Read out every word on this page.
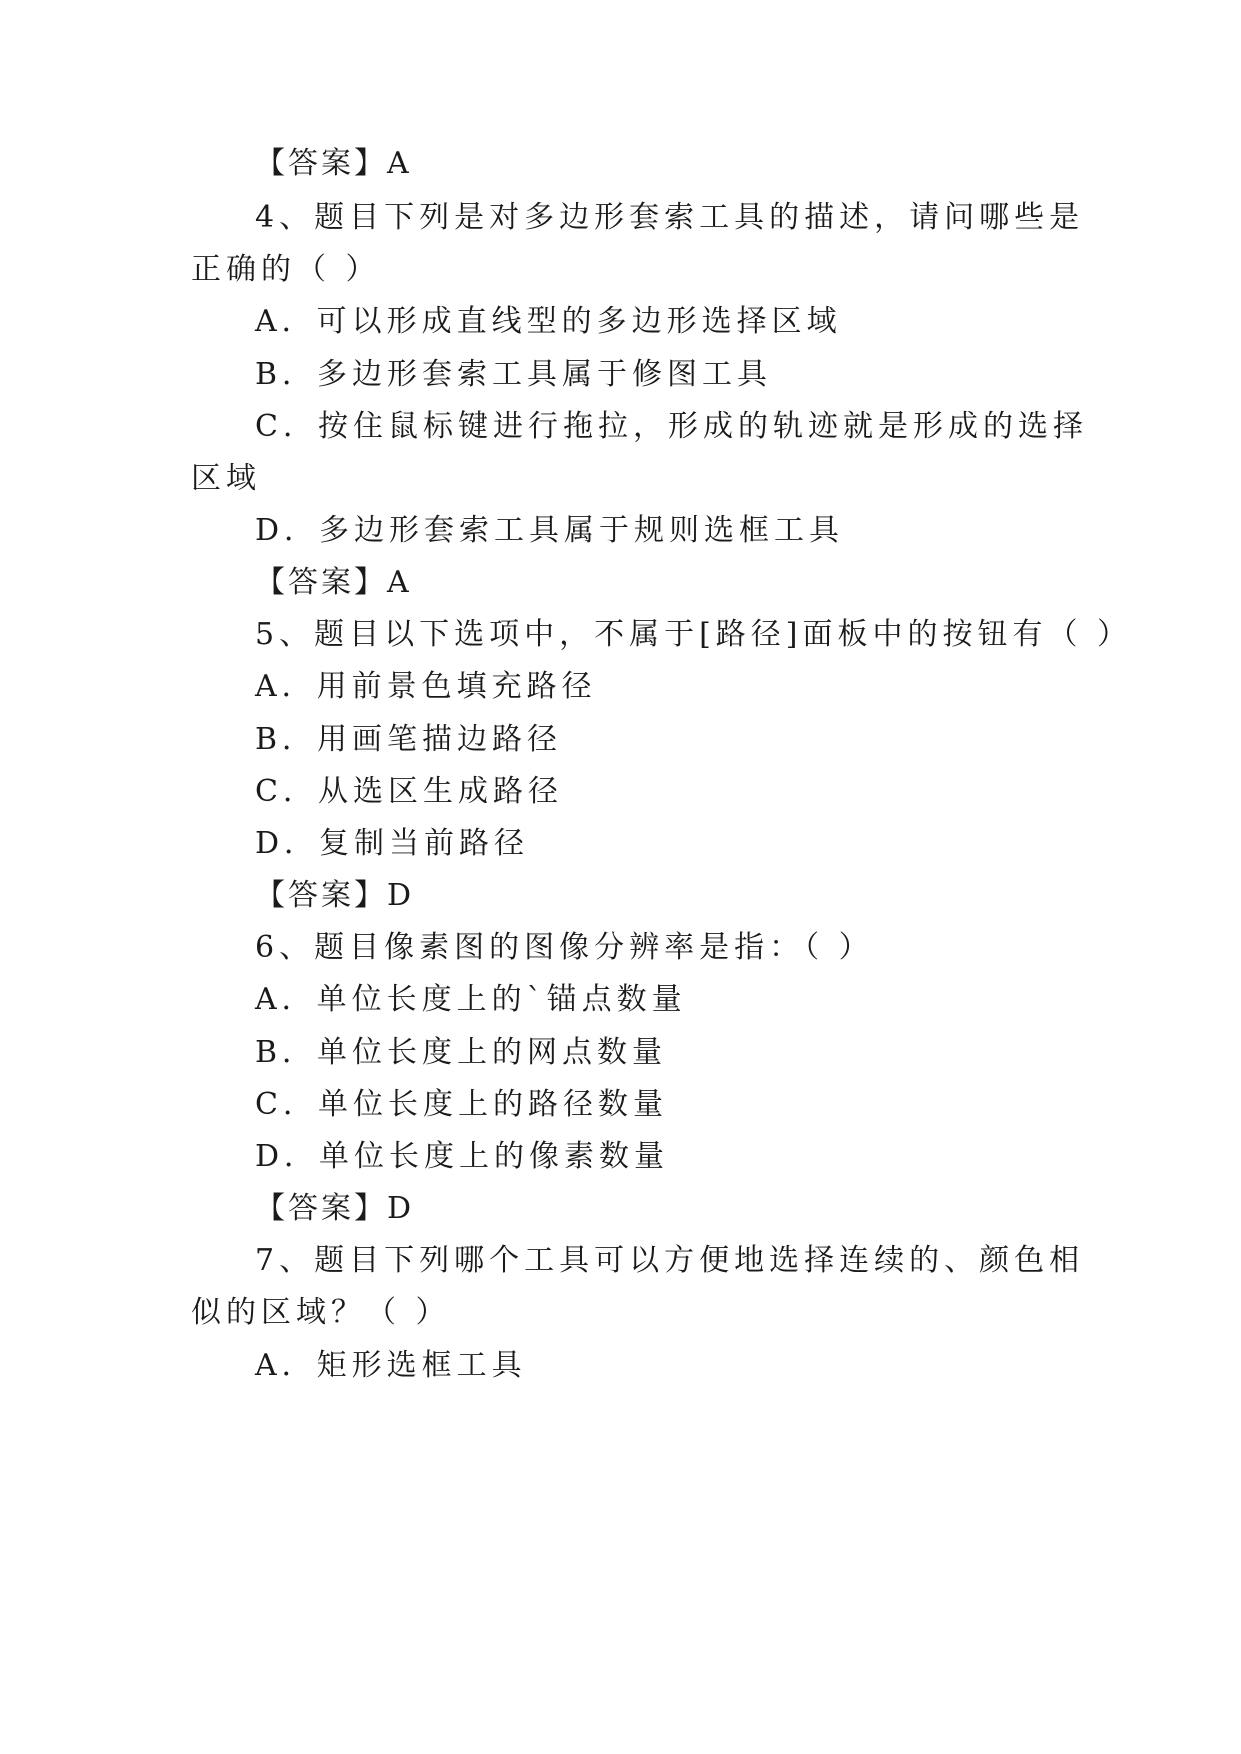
【答案】A
4、题目下列是对多边形套索工具的描述，请问哪些是
正确的（ ）
A．可以形成直线型的多边形选择区域
B．多边形套索工具属于修图工具
C．按住鼠标键进行拖拉，形成的轨迹就是形成的选择
区域
D．多边形套索工具属于规则选框工具
【答案】A
5、题目以下选项中，不属于[路径]面板中的按钮有（ ）
A．用前景色填充路径
B．用画笔描边路径
C．从选区生成路径
D．复制当前路径
【答案】D
6、题目像素图的图像分辨率是指：（ ）
A．单位长度上的`锚点数量
B．单位长度上的网点数量
C．单位长度上的路径数量
D．单位长度上的像素数量
【答案】D
7、题目下列哪个工具可以方便地选择连续的、颜色相
似的区域？（ ）
A．矩形选框工具
